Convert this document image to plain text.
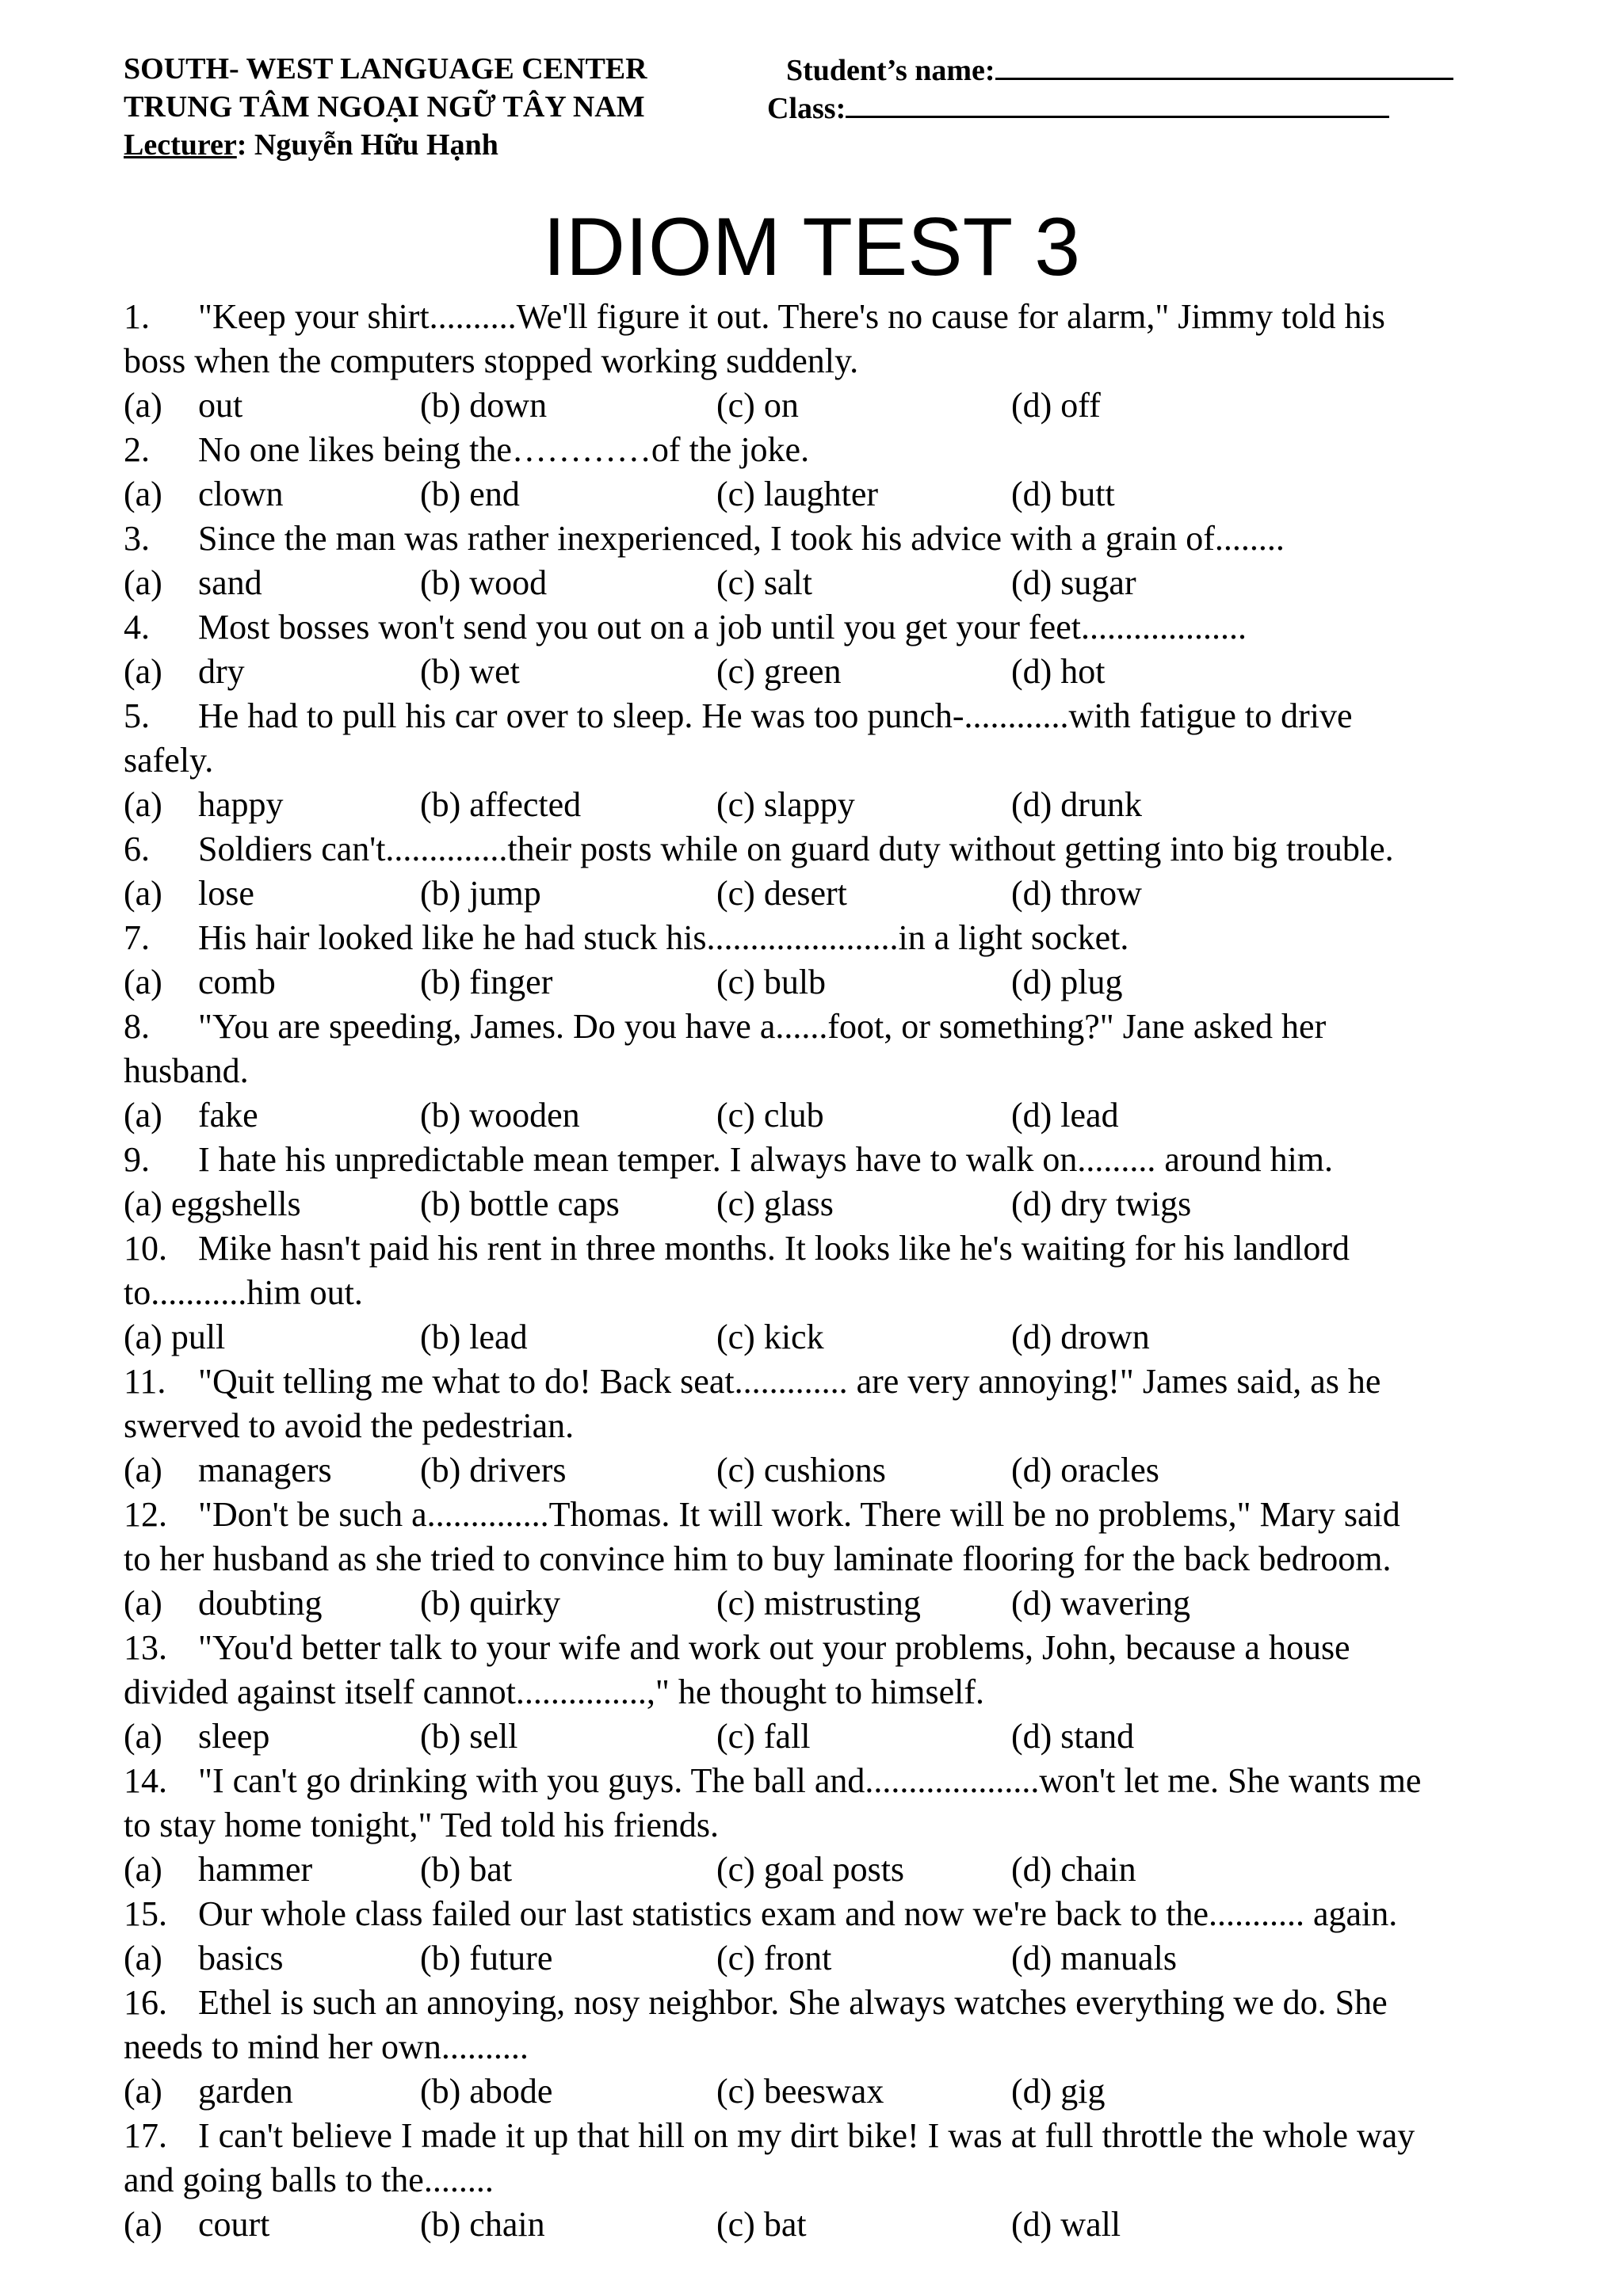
SOUTH- WEST LANGUAGE CENTER
TRUNG TÂM NGOẠI NGỮ TÂY NAM
Lecturer: Nguyễn Hữu Hạnh
Student’s name:
Class:
IDIOM TEST 3
1. "Keep your shirt..........We'll figure it out. There's no cause for alarm," Jimmy told his
boss when the computers stopped working suddenly.
(a) out	(b) down	(c) on	(d) off
2. No one likes being the…………of the joke.
(a) clown	(b) end	(c) laughter	(d) butt
3. Since the man was rather inexperienced, I took his advice with a grain of........
(a) sand	(b) wood	(c) salt	(d) sugar
4. Most bosses won't send you out on a job until you get your feet...................
(a) dry	(b) wet	(c) green	(d) hot
5. He had to pull his car over to sleep. He was too punch-............with fatigue to drive
safely.
(a) happy	(b) affected	(c) slappy	(d) drunk
6. Soldiers can't..............their posts while on guard duty without getting into big trouble.
(a) lose	(b) jump	(c) desert	(d) throw
7. His hair looked like he had stuck his......................in a light socket.
(a) comb	(b) finger	(c) bulb	(d) plug
8. "You are speeding, James. Do you have a......foot, or something?" Jane asked her
husband.
(a) fake	(b) wooden	(c) club	(d) lead
9. I hate his unpredictable mean temper. I always have to walk on......... around him.
(a) eggshells	(b) bottle caps	(c) glass	(d) dry twigs
10. Mike hasn't paid his rent in three months. It looks like he's waiting for his landlord
to...........him out.
(a) pull	(b) lead	(c) kick	(d) drown
11. "Quit telling me what to do! Back seat............. are very annoying!" James said, as he
swerved to avoid the pedestrian.
(a) managers	(b) drivers	(c) cushions	(d) oracles
12. "Don't be such a..............Thomas. It will work. There will be no problems," Mary said
to her husband as she tried to convince him to buy laminate flooring for the back bedroom.
(a) doubting	(b) quirky	(c) mistrusting	(d) wavering
13. "You'd better talk to your wife and work out your problems, John, because a house
divided against itself cannot...............," he thought to himself.
(a) sleep	(b) sell	(c) fall	(d) stand
14. "I can't go drinking with you guys. The ball and....................won't let me. She wants me
to stay home tonight," Ted told his friends.
(a) hammer	(b) bat	(c) goal posts	(d) chain
15. Our whole class failed our last statistics exam and now we're back to the........... again.
(a) basics	(b) future	(c) front	(d) manuals
16. Ethel is such an annoying, nosy neighbor. She always watches everything we do. She
needs to mind her own..........
(a) garden	(b) abode	(c) beeswax	(d) gig
17. I can't believe I made it up that hill on my dirt bike! I was at full throttle the whole way
and going balls to the........
(a) court	(b) chain	(c) bat	(d) wall
